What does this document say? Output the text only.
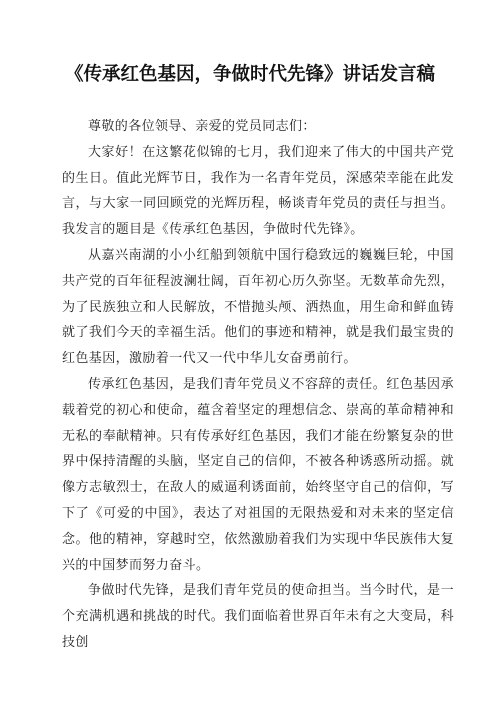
《传承红色基因，争做时代先锋》讲话发言稿

尊敬的各位领导、亲爱的党员同志们：

大家好！在这繁花似锦的七月，我们迎来了伟大的中国共产党的生日。值此光辉节日，我作为一名青年党员，深感荣幸能在此发言，与大家一同回顾党的光辉历程，畅谈青年党员的责任与担当。我发言的题目是《传承红色基因，争做时代先锋》。

从嘉兴南湖的小小红船到领航中国行稳致远的巍巍巨轮，中国共产党的百年征程波澜壮阔，百年初心历久弥坚。无数革命先烈，为了民族独立和人民解放，不惜抛头颅、洒热血，用生命和鲜血铸就了我们今天的幸福生活。他们的事迹和精神，就是我们最宝贵的红色基因，激励着一代又一代中华儿女奋勇前行。

传承红色基因，是我们青年党员义不容辞的责任。红色基因承载着党的初心和使命，蕴含着坚定的理想信念、崇高的革命精神和无私的奉献精神。只有传承好红色基因，我们才能在纷繁复杂的世界中保持清醒的头脑，坚定自己的信仰，不被各种诱惑所动摇。就像方志敏烈士，在敌人的威逼利诱面前，始终坚守自己的信仰，写下了《可爱的中国》，表达了对祖国的无限热爱和对未来的坚定信念。他的精神，穿越时空，依然激励着我们为实现中华民族伟大复兴的中国梦而努力奋斗。

争做时代先锋，是我们青年党员的使命担当。当今时代，是一个充满机遇和挑战的时代。我们面临着世界百年未有之大变局，科技创
